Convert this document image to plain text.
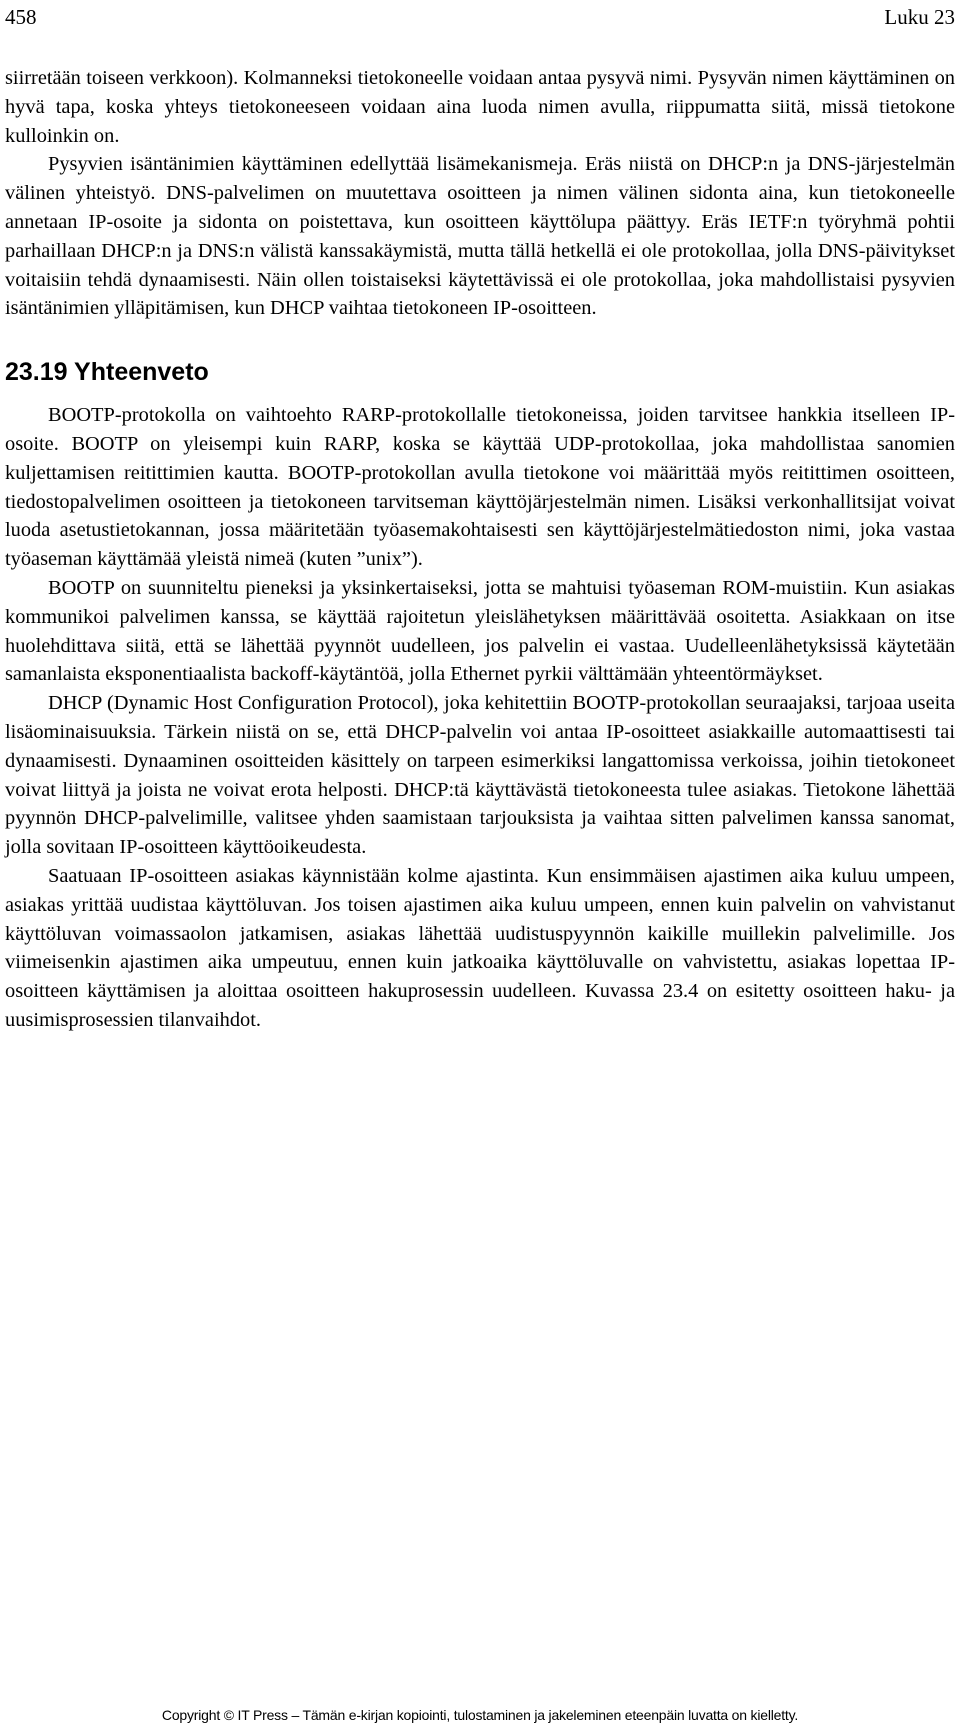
458	Luku 23

siirretään toiseen verkkoon). Kolmanneksi tietokoneelle voidaan antaa pysyvä nimi. Pysyvän nimen käyttäminen on hyvä tapa, koska yhteys tietokoneeseen voidaan aina luoda nimen avulla, riippumatta siitä, missä tietokone kulloinkin on.

Pysyvien isäntänimien käyttäminen edellyttää lisämekanismeja. Eräs niistä on DHCP:n ja DNS-järjestelmän välinen yhteistyö. DNS-palvelimen on muutettava osoitteen ja nimen välinen sidonta aina, kun tietokoneelle annetaan IP-osoite ja sidonta on poistettava, kun osoitteen käyttölupa päättyy. Eräs IETF:n työryhmä pohtii parhaillaan DHCP:n ja DNS:n välistä kanssakäymistä, mutta tällä hetkellä ei ole protokollaa, jolla DNS-päivitykset voitaisiin tehdä dynaamisesti. Näin ollen toistaiseksi käytettävissä ei ole protokollaa, joka mahdollistaisi pysyvien isäntänimien ylläpitämisen, kun DHCP vaihtaa tietokoneen IP-osoitteen.

23.19 Yhteenveto

BOOTP-protokolla on vaihtoehto RARP-protokollalle tietokoneissa, joiden tarvitsee hankkia itselleen IP-osoite. BOOTP on yleisempi kuin RARP, koska se käyttää UDP-protokollaa, joka mahdollistaa sanomien kuljettamisen reitittimien kautta. BOOTP-protokollan avulla tietokone voi määrittää myös reitittimen osoitteen, tiedostopalvelimen osoitteen ja tietokoneen tarvitseman käyttöjärjestelmän nimen. Lisäksi verkonhallitsijat voivat luoda asetustietokannan, jossa määritetään työasemakohtaisesti sen käyttöjärjestelmätiedoston nimi, joka vastaa työaseman käyttämää yleistä nimeä (kuten ”unix”).

BOOTP on suunniteltu pieneksi ja yksinkertaiseksi, jotta se mahtuisi työaseman ROM-muistiin. Kun asiakas kommunikoi palvelimen kanssa, se käyttää rajoitetun yleislähetyksen määrittävää osoitetta. Asiakkaan on itse huolehdittava siitä, että se lähettää pyynnöt uudelleen, jos palvelin ei vastaa. Uudelleenlähetyksissä käytetään samanlaista eksponentiaalista backoff-käytäntöä, jolla Ethernet pyrkii välttämään yhteentörmäykset.

DHCP (Dynamic Host Configuration Protocol), joka kehitettiin BOOTP-protokollan seuraajaksi, tarjoaa useita lisäominaisuuksia. Tärkein niistä on se, että DHCP-palvelin voi antaa IP-osoitteet asiakkaille automaattisesti tai dynaamisesti. Dynaaminen osoitteiden käsittely on tarpeen esimerkiksi langattomissa verkoissa, joihin tietokoneet voivat liittyä ja joista ne voivat erota helposti. DHCP:tä käyttävästä tietokoneesta tulee asiakas. Tietokone lähettää pyynnön DHCP-palvelimille, valitsee yhden saamistaan tarjouksista ja vaihtaa sitten palvelimen kanssa sanomat, jolla sovitaan IP-osoitteen käyttöoikeudesta.

Saatuaan IP-osoitteen asiakas käynnistään kolme ajastinta. Kun ensimmäisen ajastimen aika kuluu umpeen, asiakas yrittää uudistaa käyttöluvan. Jos toisen ajastimen aika kuluu umpeen, ennen kuin palvelin on vahvistanut käyttöluvan voimassaolon jatkamisen, asiakas lähettää uudistuspyynnön kaikille muillekin palvelimille. Jos viimeisenkin ajastimen aika umpeutuu, ennen kuin jatkoaika käyttöluvalle on vahvistettu, asiakas lopettaa IP-osoitteen käyttämisen ja aloittaa osoitteen hakuprosessin uudelleen. Kuvassa 23.4 on esitetty osoitteen haku- ja uusimisprosessien tilanvaihdot.

Copyright © IT Press – Tämän e-kirjan kopiointi, tulostaminen ja jakeleminen eteenpäin luvatta on kielletty.
